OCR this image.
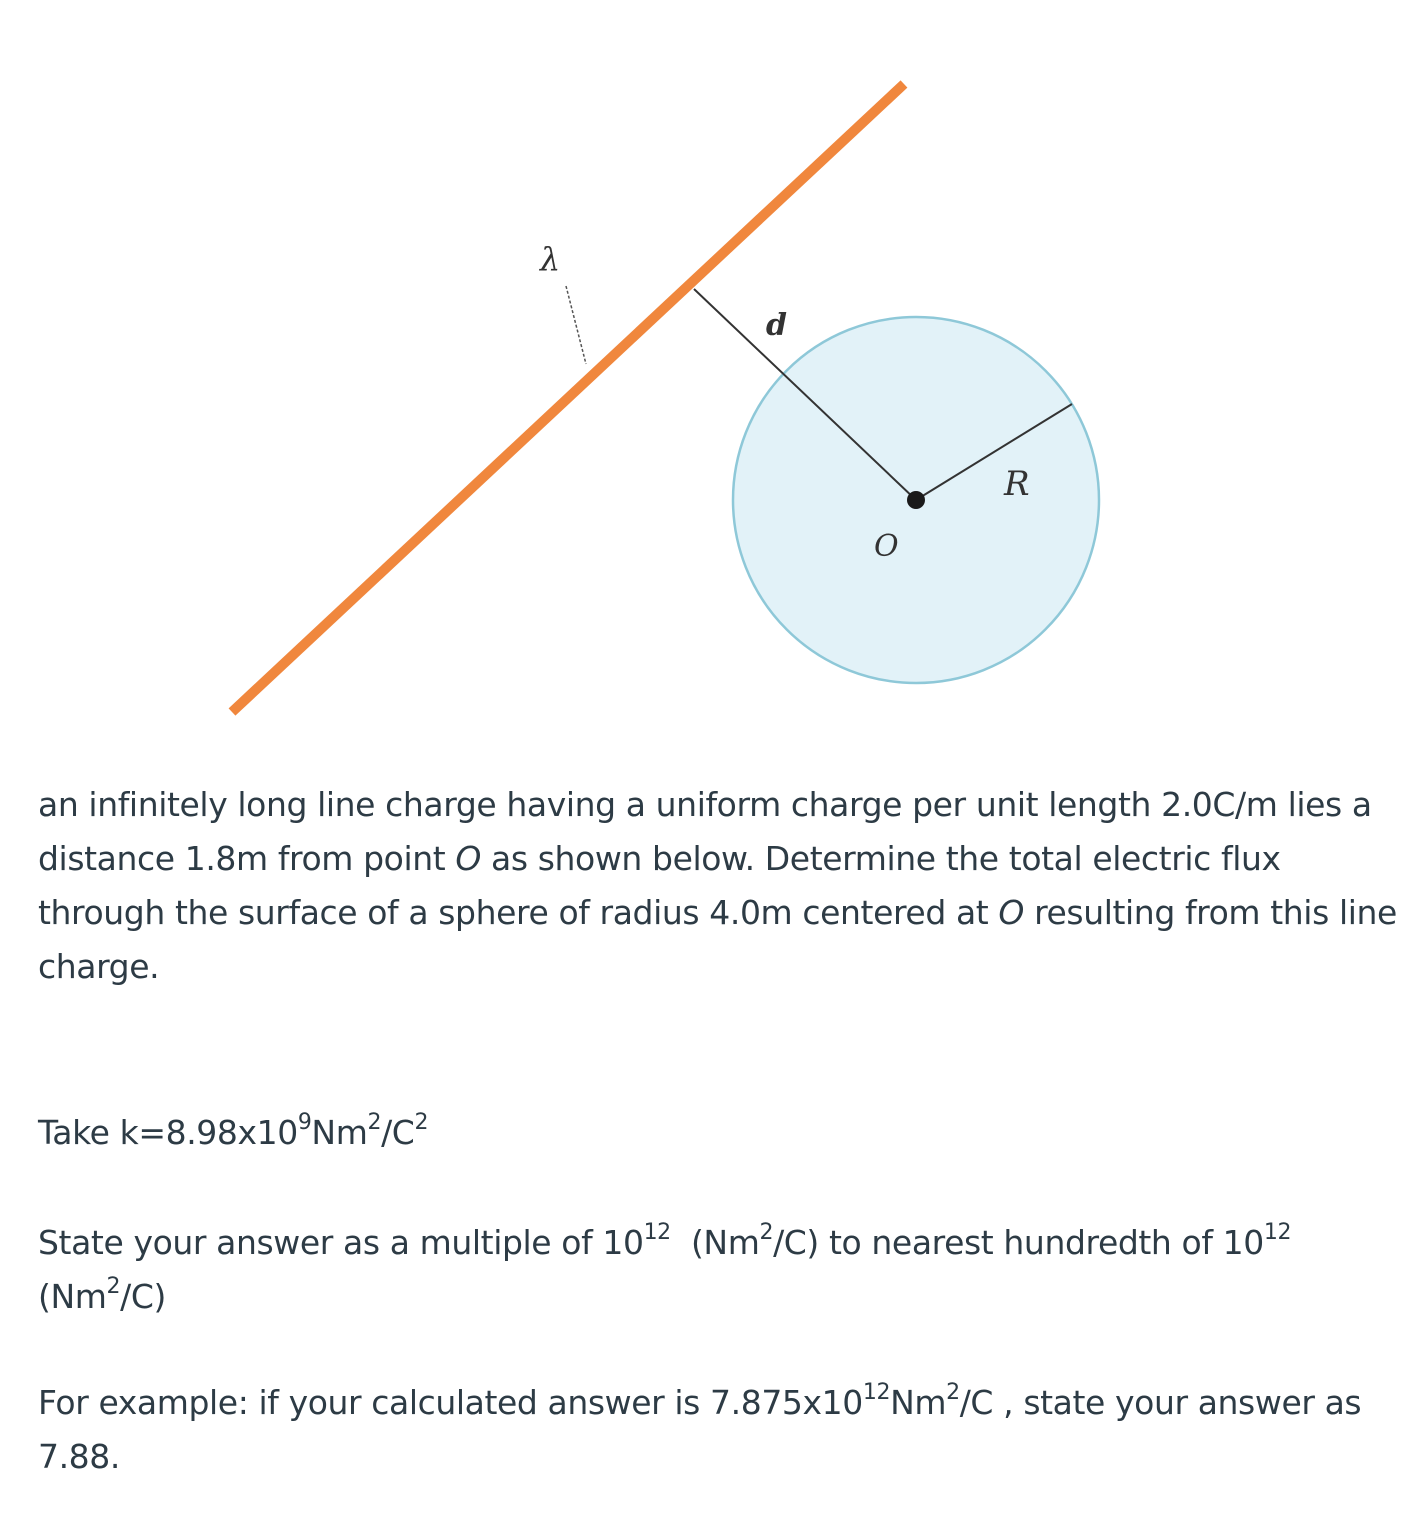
λ
d
R
O

an infinitely long line charge having a uniform charge per unit length 2.0C/m lies a distance 1.8m from point O as shown below. Determine the total electric flux through the surface of a sphere of radius 4.0m centered at O resulting from this line charge.

Take $k=8.98x10^9Nm^2/C^2$

State your answer as a multiple of $10^{12}$  (Nm$^2$/C) to nearest hundredth of $10^{12}$ (Nm$^2$/C)

For example: if your calculated answer is $7.875x10^{12}Nm^2/C$ , state your answer as 7.88.
